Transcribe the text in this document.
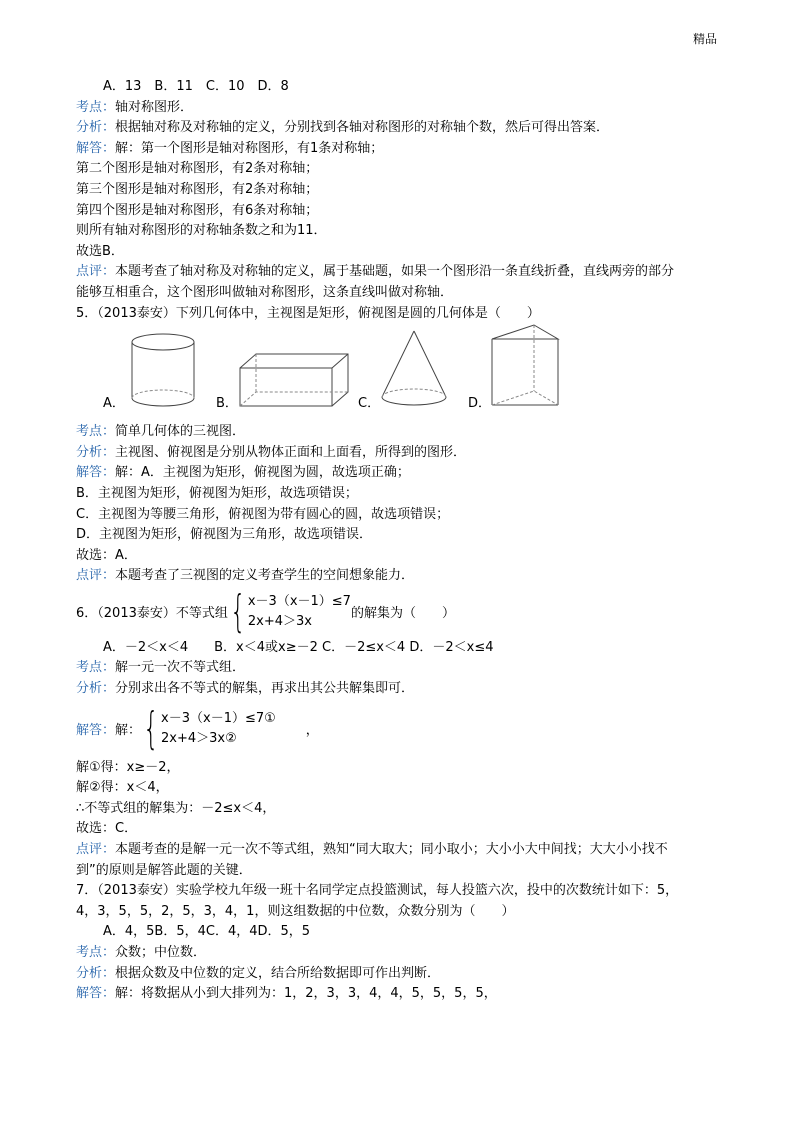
精品
A．13　B．11　C．10　D．8
考点：轴对称图形．
分析：根据轴对称及对称轴的定义，分别找到各轴对称图形的对称轴个数，然后可得出答案．
解答：解：第一个图形是轴对称图形，有1条对称轴；
第二个图形是轴对称图形，有2条对称轴；
第三个图形是轴对称图形，有2条对称轴；
第四个图形是轴对称图形，有6条对称轴；
则所有轴对称图形的对称轴条数之和为11．
故选B．
点评：本题考查了轴对称及对称轴的定义，属于基础题，如果一个图形沿一条直线折叠，直线两旁的部分
能够互相重合，这个图形叫做轴对称图形，这条直线叫做对称轴．
5．（2013泰安）下列几何体中，主视图是矩形，俯视图是圆的几何体是（　　）
A．	B．	C．	D．
考点：简单几何体的三视图．
分析：主视图、俯视图是分别从物体正面和上面看，所得到的图形．
解答：解：A．主视图为矩形，俯视图为圆，故选项正确；
B．主视图为矩形，俯视图为矩形，故选项错误；
C．主视图为等腰三角形，俯视图为带有圆心的圆，故选项错误；
D．主视图为矩形，俯视图为三角形，故选项错误．
故选：A．
点评：本题考查了三视图的定义考查学生的空间想象能力．
6．（2013泰安）不等式组 { x－3（x－1）≤7
2x+4＞3x	的解集为（　　）
A．－2＜x＜4　　B．x＜4或x≥－2 C．－2≤x＜4 D．－2＜x≤4
考点：解一元一次不等式组．
分析：分别求出各不等式的解集，再求出其公共解集即可．
解答： 解： { x－3（x－1）≤7①
2x+4＞3x②	，
解①得：x≥－2，
解②得：x＜4，
∴不等式组的解集为：－2≤x＜4，
故选：C．
点评：本题考查的是解一元一次不等式组，熟知“同大取大；同小取小；大小小大中间找；大大小小找不
到”的原则是解答此题的关键．
7．（2013泰安）实验学校九年级一班十名同学定点投篮测试，每人投篮六次，投中的次数统计如下：5，
4，3，5，5，2，5，3，4，1，则这组数据的中位数，众数分别为（　　）
A．4，5B．5，4C．4，4D．5，5
考点：众数；中位数．
分析：根据众数及中位数的定义，结合所给数据即可作出判断．
解答：解：将数据从小到大排列为：1，2，3，3，4，4，5，5，5，5，
